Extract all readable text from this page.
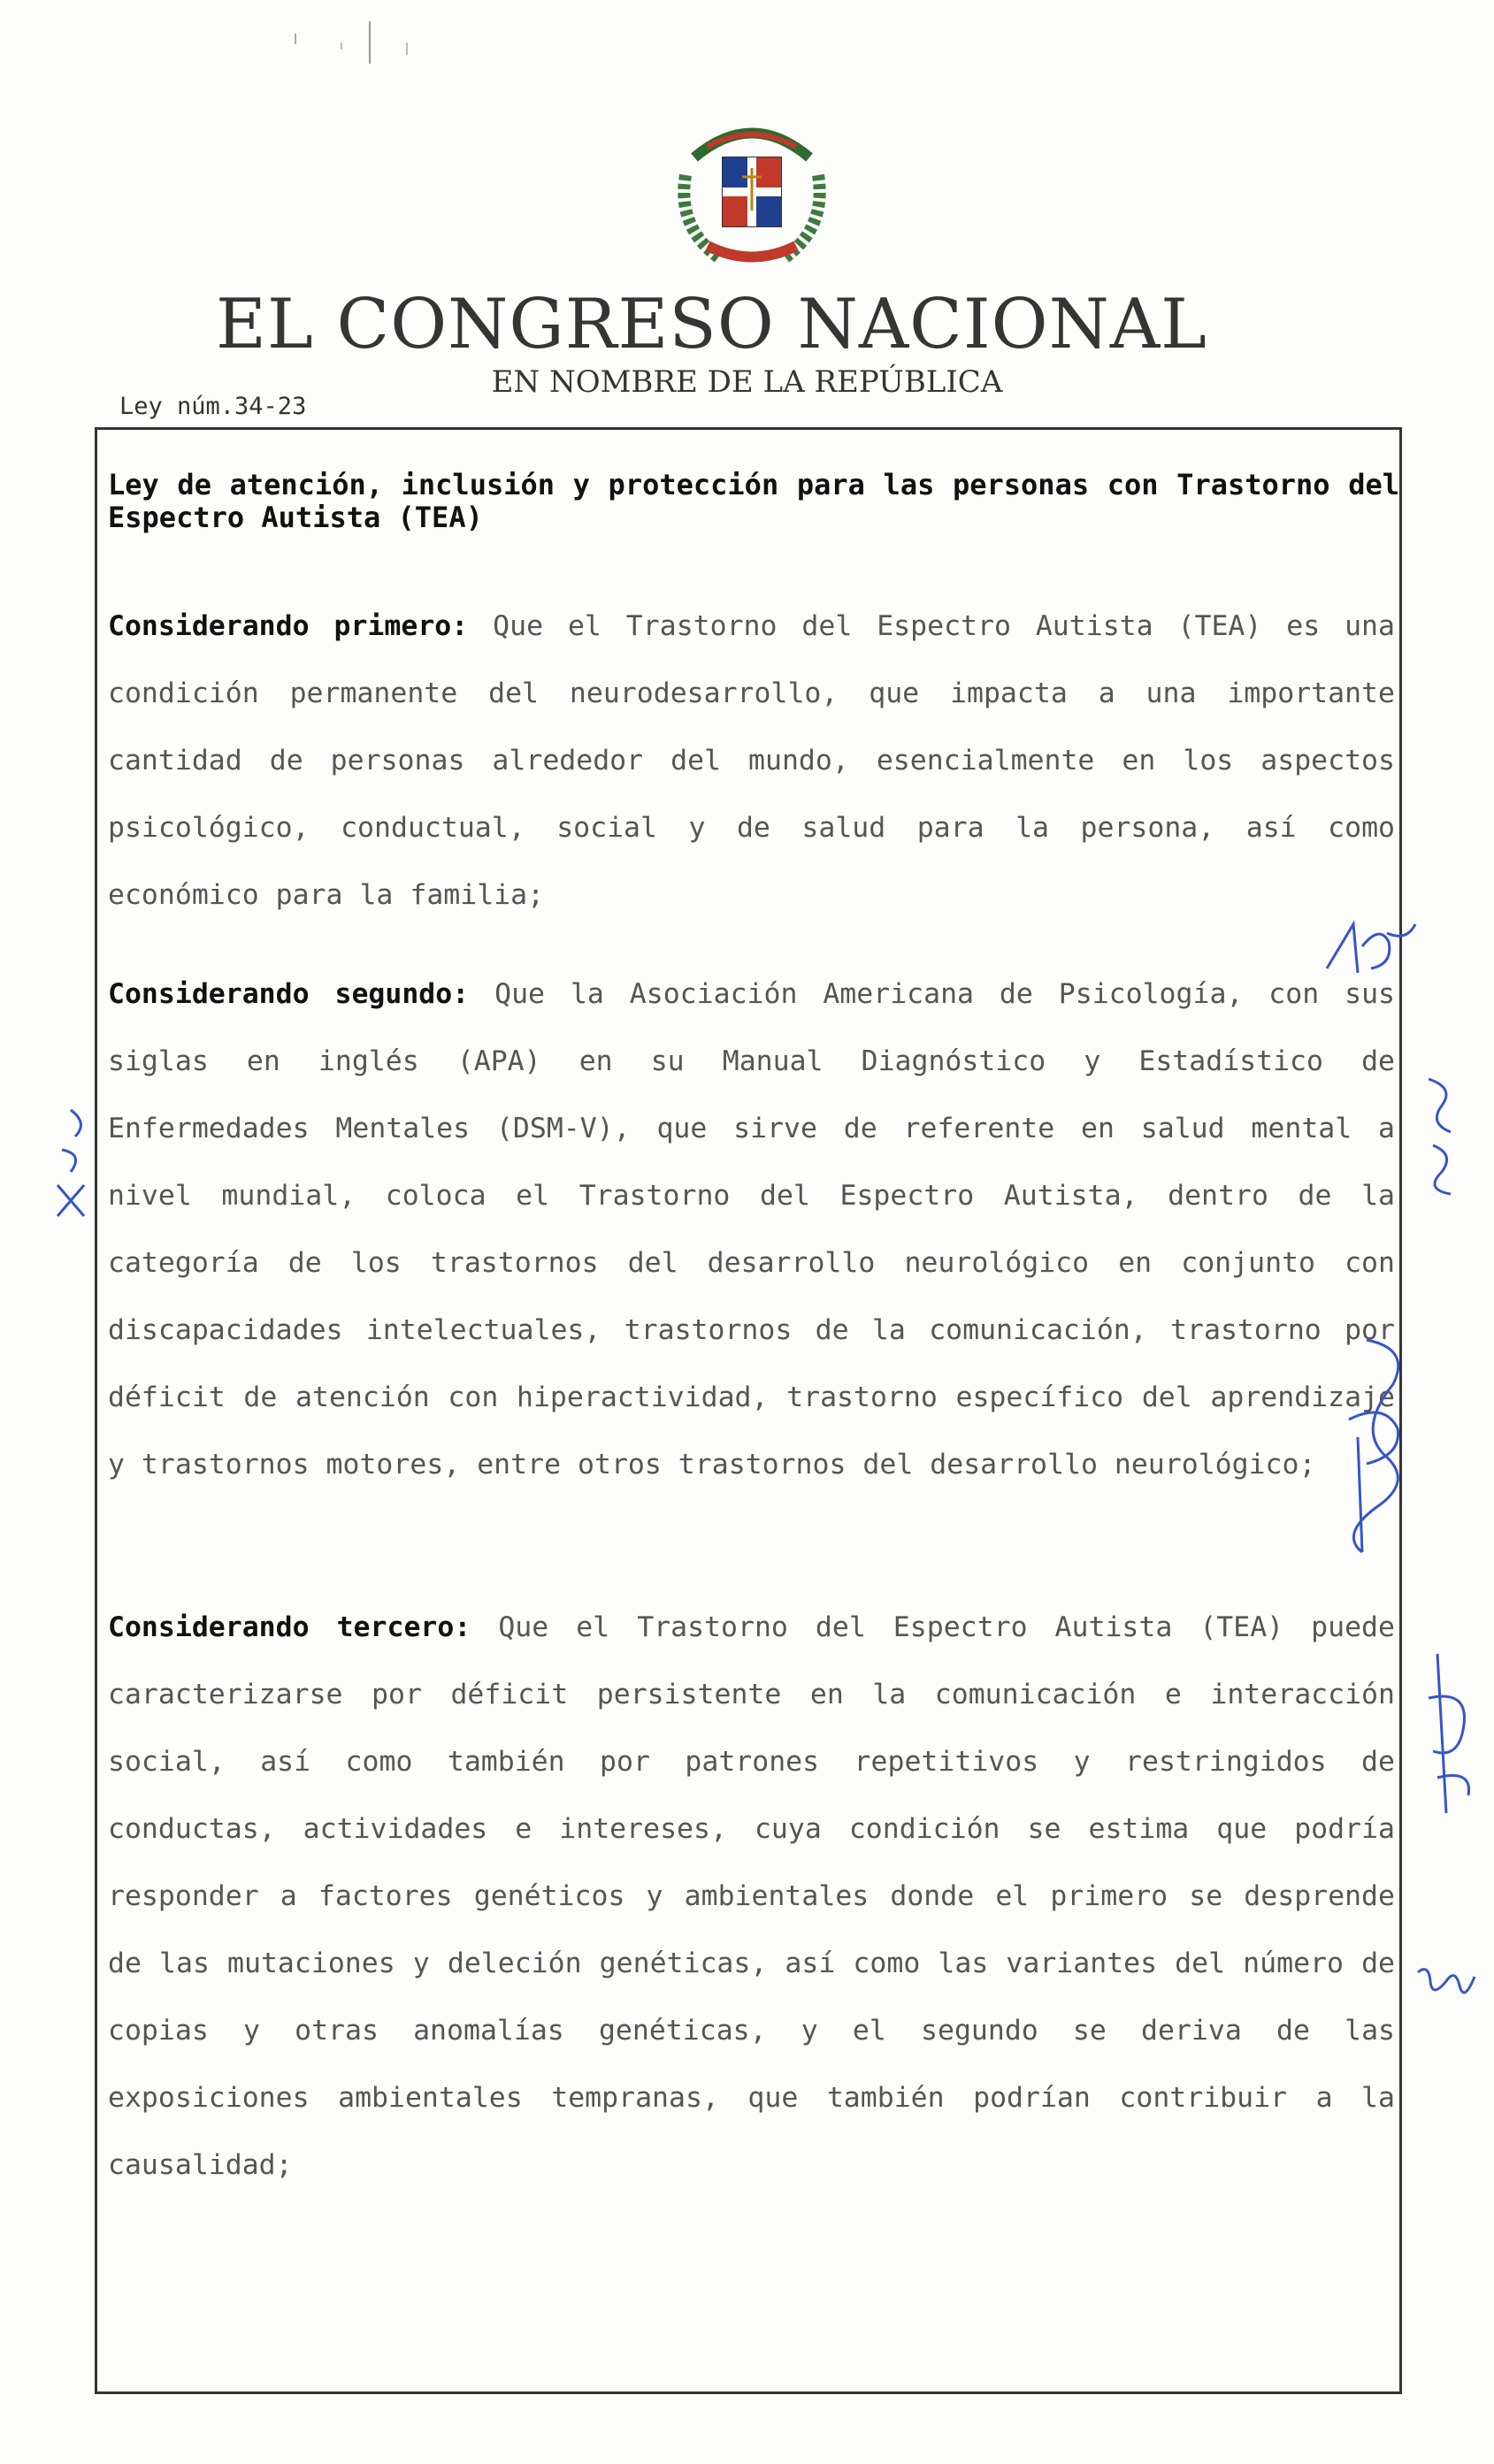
EL CONGRESO NACIONAL
EN NOMBRE DE LA REPÚBLICA
Ley núm.34-23
Ley de atención, inclusión y protección para las personas con Trastorno del Espectro Autista (TEA)
Considerando primero: Que el Trastorno del Espectro Autista (TEA) es una condición permanente del neurodesarrollo, que impacta a una importante cantidad de personas alrededor del mundo, esencialmente en los aspectos psicológico, conductual, social y de salud para la persona, así como económico para la familia;
Considerando segundo: Que la Asociación Americana de Psicología, con sus siglas en inglés (APA) en su Manual Diagnóstico y Estadístico de Enfermedades Mentales (DSM-V), que sirve de referente en salud mental a nivel mundial, coloca el Trastorno del Espectro Autista, dentro de la categoría de los trastornos del desarrollo neurológico en conjunto con discapacidades intelectuales, trastornos de la comunicación, trastorno por déficit de atención con hiperactividad, trastorno específico del aprendizaje y trastornos motores, entre otros trastornos del desarrollo neurológico;
Considerando tercero: Que el Trastorno del Espectro Autista (TEA) puede caracterizarse por déficit persistente en la comunicación e interacción social, así como también por patrones repetitivos y restringidos de conductas, actividades e intereses, cuya condición se estima que podría responder a factores genéticos y ambientales donde el primero se desprende de las mutaciones y deleción genéticas, así como las variantes del número de copias y otras anomalías genéticas, y el segundo se deriva de las exposiciones ambientales tempranas, que también podrían contribuir a la causalidad;
